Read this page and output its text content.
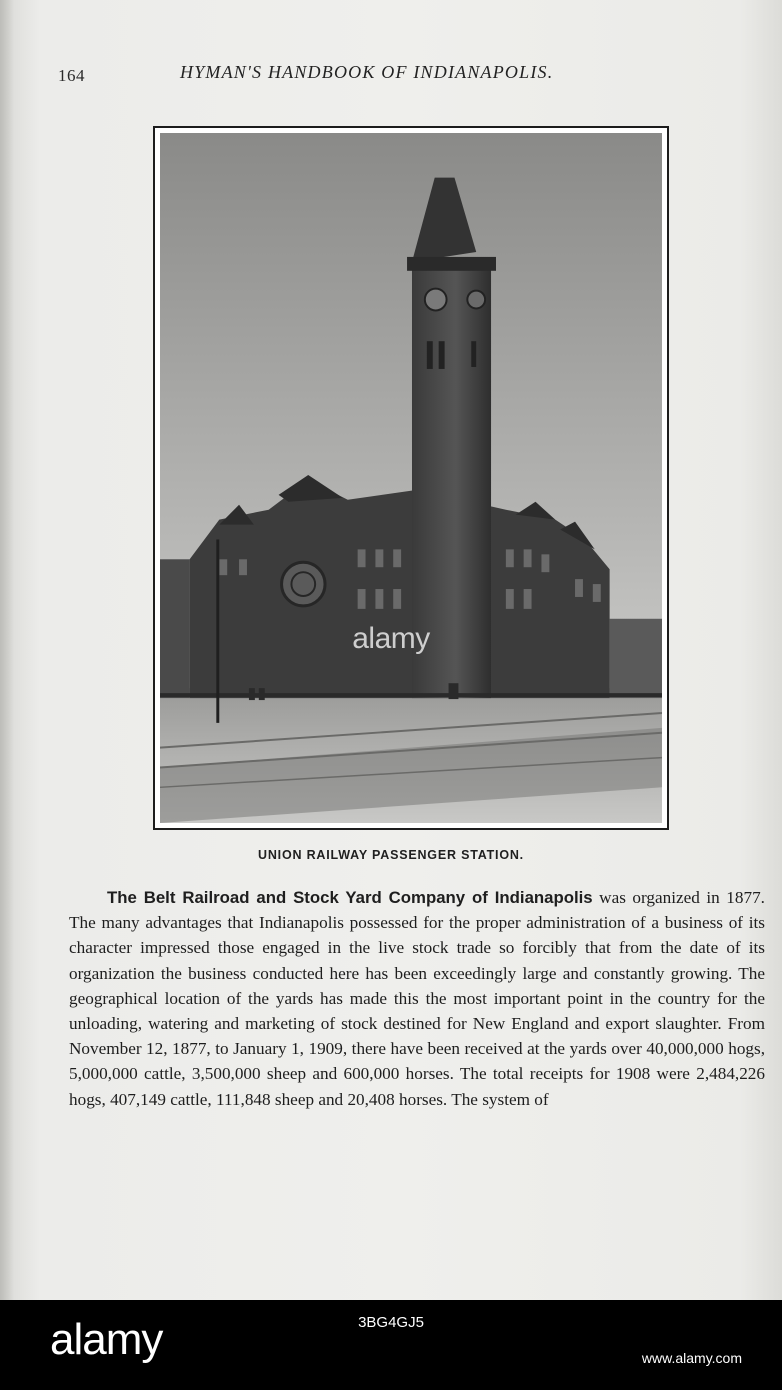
164	HYMAN'S HANDBOOK OF INDIANAPOLIS.
alamy
UNION RAILWAY PASSENGER STATION.
The Belt Railroad and Stock Yard Company of Indianapolis was organized in 1877. The many advantages that Indianapolis possessed for the proper administration of a business of its character impressed those engaged in the live stock trade so forcibly that from the date of its organization the business conducted here has been exceedingly large and constantly growing. The geographical location of the yards has made this the most important point in the country for the unloading, watering and marketing of stock destined for New England and export slaughter. From November 12, 1877, to January 1, 1909, there have been received at the yards over 40,000,000 hogs, 5,000,000 cattle, 3,500,000 sheep and 600,000 horses. The total receipts for 1908 were 2,484,226 hogs, 407,149 cattle, 111,848 sheep and 20,408 horses. The system of
alamy	3BG4GJ5
www.alamy.com
